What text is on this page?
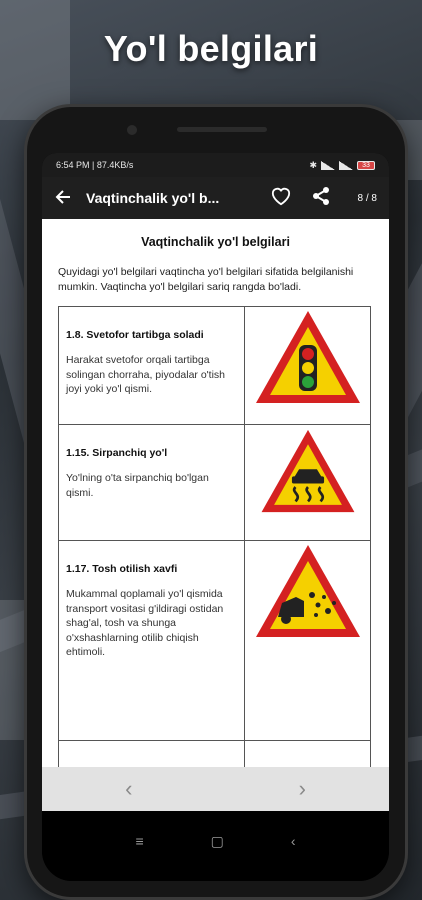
Yo'l belgilari
6:54 PM | 87.4KB/s	✱	33
Vaqtinchalik yo'l b...	8 / 8
Vaqtinchalik yo'l belgilari
Quyidagi yo'l belgilari vaqtincha yo'l belgilari sifatida belgilanishi mumkin. Vaqtincha yo'l belgilari sariq rangda bo'ladi.
1.8. Svetofor tartibga soladi
Harakat svetofor orqali tartibga solingan chorraha, piyodalar o'tish joyi yoki yo'l qismi.

1.15. Sirpanchiq yo'l
Yo'lning o'ta sirpanchiq bo'lgan qismi.

1.17. Tosh otilish xavfi
Mukammal qoplamali yo'l qismida transport vositasi g'ildiragi ostidan shag'al, tosh va shunga o'xshashlarning otilib chiqish ehtimoli.

‹	›
≡	▢	‹
